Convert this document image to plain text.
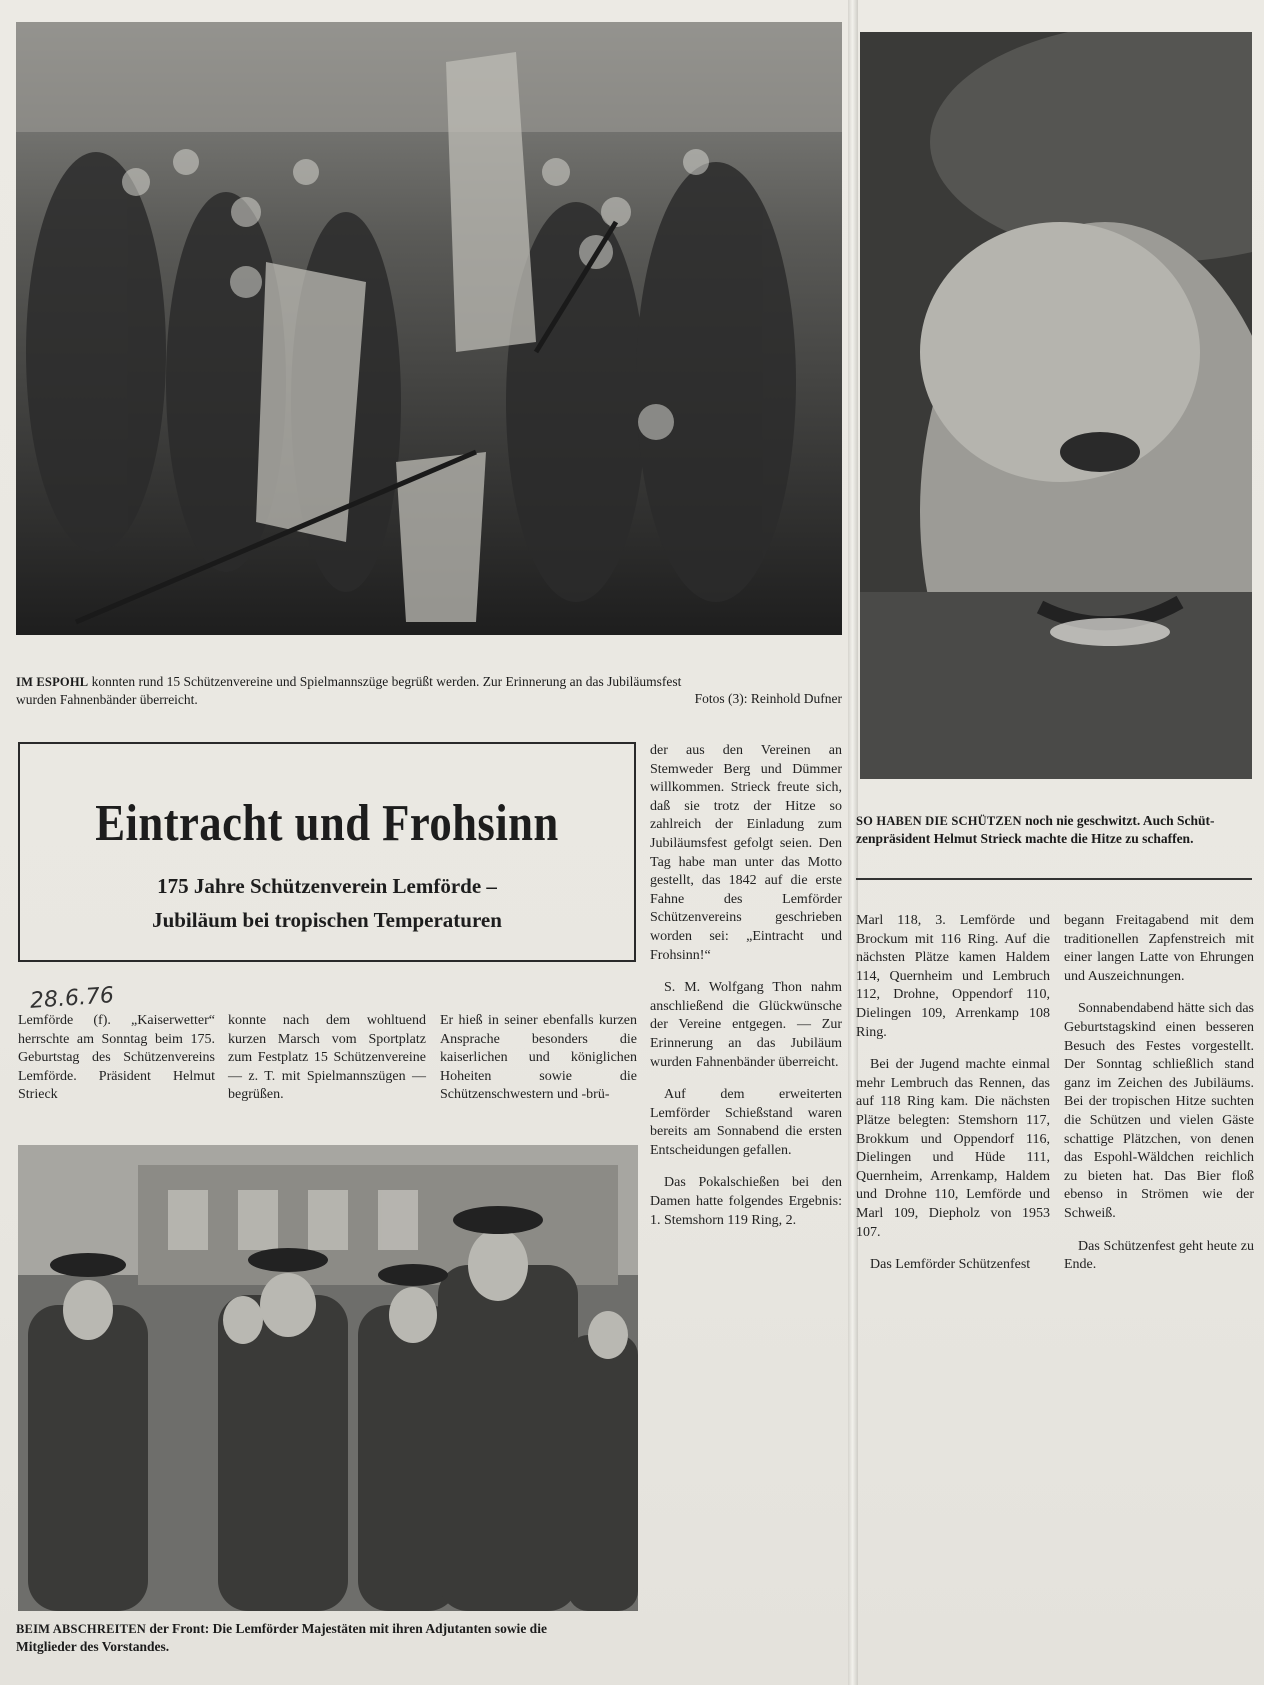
IM ESPOHL konnten rund 15 Schützenvereine und Spielmannszüge begrüßt werden. Zur Erinnerung an das Jubiläumsfest
wurden Fahnenbänder überreicht.	Fotos (3): Reinhold Dufner
SO HABEN DIE SCHÜTZEN noch nie geschwitzt. Auch Schüt-
zenpräsident Helmut Strieck machte die Hitze zu schaffen.
Eintracht und Frohsinn
175 Jahre Schützenverein Lemförde –
Jubiläum bei tropischen Temperaturen
28.6.76

Lemförde (f). „Kaiserwetter“ herrschte am Sonntag beim 175. Geburtstag des Schützenvereins Lemförde. Präsident Helmut Strieck

konnte nach dem wohltuend kurzen Marsch vom Sportplatz zum Festplatz 15 Schützenvereine — z. T. mit Spielmannszügen — begrüßen.

Er hieß in seiner ebenfalls kurzen Ansprache besonders die kaiserlichen und königlichen Hoheiten sowie die Schützenschwestern und -brü-

der aus den Vereinen an Stemweder Berg und Dümmer willkommen. Strieck freute sich, daß sie trotz der Hitze so zahlreich der Einladung zum Jubiläumsfest gefolgt seien. Den Tag habe man unter das Motto gestellt, das 1842 auf die erste Fahne des Lemförder Schützenvereins geschrieben worden sei: „Eintracht und Frohsinn!“

S. M. Wolfgang Thon nahm anschließend die Glückwünsche der Vereine entgegen. — Zur Erinnerung an das Jubiläum wurden Fahnenbänder überreicht.

Auf dem erweiterten Lemförder Schießstand waren bereits am Sonnabend die ersten Entscheidungen gefallen.

Das Pokalschießen bei den Damen hatte folgendes Ergebnis: 1. Stemshorn 119 Ring, 2.

Marl 118, 3. Lemförde und Brockum mit 116 Ring. Auf die nächsten Plätze kamen Haldem 114, Quernheim und Lembruch 112, Drohne, Oppendorf 110, Dielingen 109, Arrenkamp 108 Ring.

Bei der Jugend machte einmal mehr Lembruch das Rennen, das auf 118 Ring kam. Die nächsten Plätze belegten: Stemshorn 117, Brokkum und Oppendorf 116, Dielingen und Hüde 111, Quernheim, Arrenkamp, Haldem und Drohne 110, Lemförde und Marl 109, Diepholz von 1953 107.

Das Lemförder Schützenfest

begann Freitagabend mit dem traditionellen Zapfenstreich mit einer langen Latte von Ehrungen und Auszeichnungen.

Sonnabendabend hätte sich das Geburtstagskind einen besseren Besuch des Festes vorgestellt. Der Sonntag schließlich stand ganz im Zeichen des Jubiläums. Bei der tropischen Hitze suchten die Schützen und vielen Gäste schattige Plätzchen, von denen das Espohl-Wäldchen reichlich zu bieten hat. Das Bier floß ebenso in Strömen wie der Schweiß.

Das Schützenfest geht heute zu Ende.

BEIM ABSCHREITEN der Front: Die Lemförder Majestäten mit ihren Adjutanten sowie die
Mitglieder des Vorstandes.
